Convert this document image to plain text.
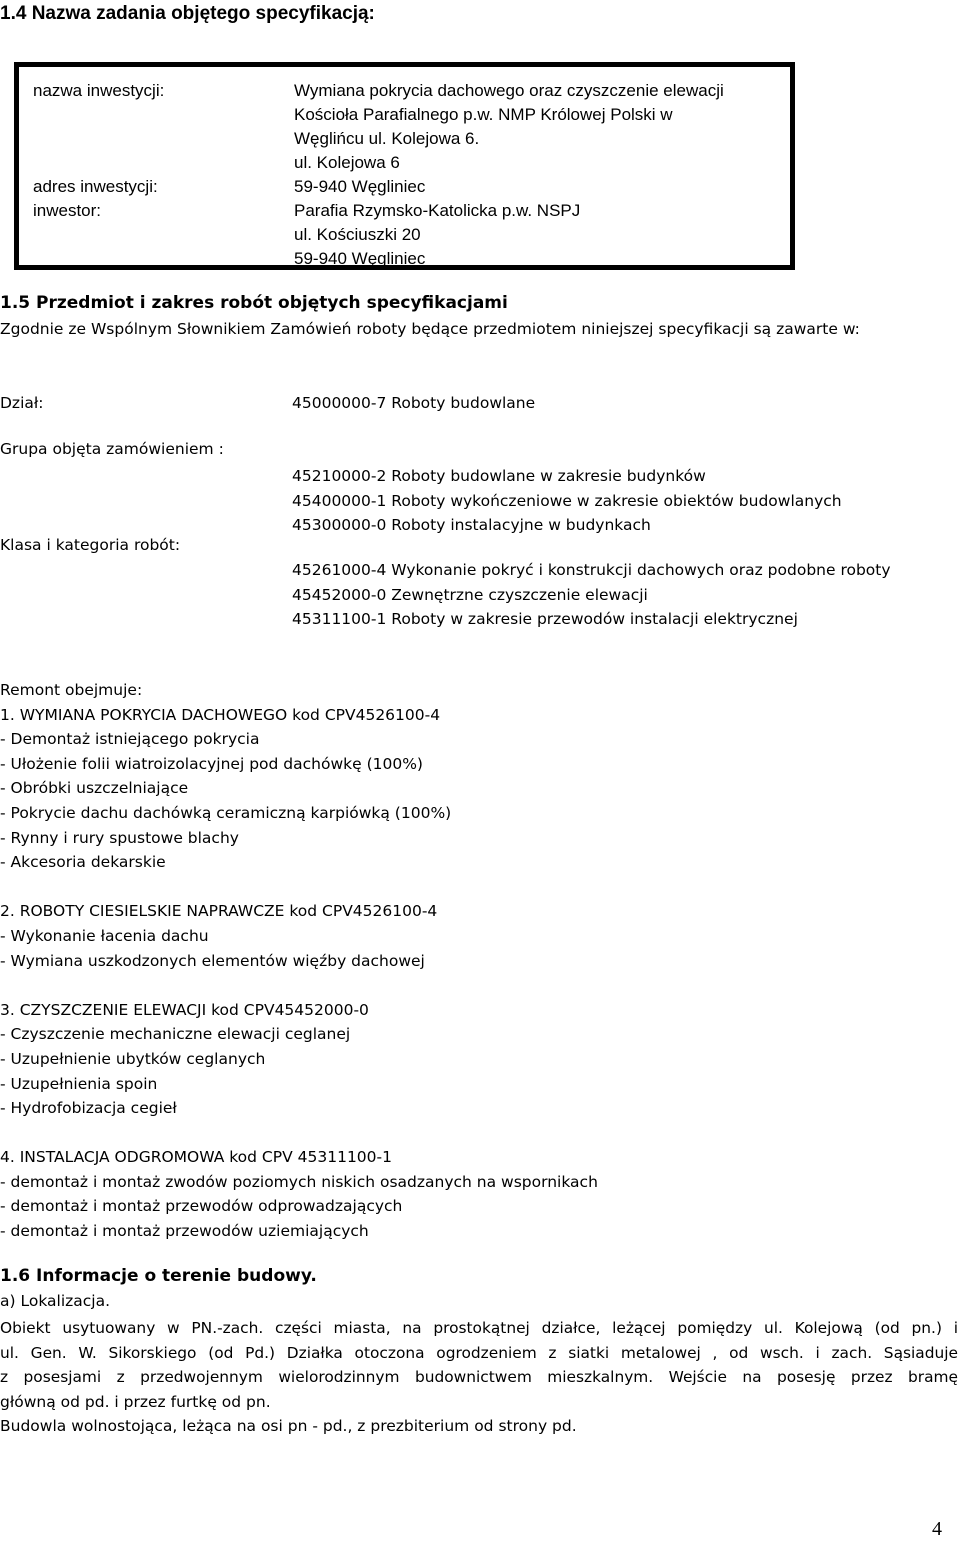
1.4 Nazwa zadania objętego specyfikacją:
nazwa inwestycji:	Wymiana pokrycia dachowego oraz czyszczenie elewacji
Kościoła Parafialnego p.w. NMP Królowej Polski w
Węglińcu ul. Kolejowa 6.
ul. Kolejowa 6
59-940 Węgliniec
Parafia Rzymsko-Katolicka p.w. NSPJ
ul. Kościuszki 20
59-940 Węgliniec
adres inwestycji:
inwestor:
1.5 Przedmiot i zakres robót objętych specyfikacjami
Zgodnie ze Wspólnym Słownikiem Zamówień roboty będące przedmiotem niniejszej specyfikacji są zawarte w:
Dział:	45000000-7 Roboty budowlane
Grupa objęta zamówieniem :
45210000-2 Roboty budowlane w zakresie budynków
45400000-1 Roboty wykończeniowe w zakresie obiektów budowlanych
45300000-0 Roboty instalacyjne w budynkach
Klasa i kategoria robót:
45261000-4 Wykonanie pokryć i konstrukcji dachowych oraz podobne roboty
45452000-0 Zewnętrzne czyszczenie elewacji
45311100-1 Roboty w zakresie przewodów instalacji elektrycznej
Remont obejmuje:
1. WYMIANA POKRYCIA DACHOWEGO kod CPV4526100-4
- Demontaż istniejącego pokrycia
- Ułożenie folii wiatroizolacyjnej pod dachówkę (100%)
- Obróbki uszczelniające
- Pokrycie dachu dachówką ceramiczną karpiówką (100%)
- Rynny i rury spustowe blachy
- Akcesoria dekarskie
2. ROBOTY CIESIELSKIE NAPRAWCZE kod CPV4526100-4
- Wykonanie łacenia dachu
- Wymiana uszkodzonych elementów więźby dachowej
3. CZYSZCZENIE ELEWACJI kod CPV45452000-0
- Czyszczenie mechaniczne elewacji ceglanej
- Uzupełnienie ubytków ceglanych
- Uzupełnienia spoin
- Hydrofobizacja cegieł
4. INSTALACJA ODGROMOWA kod CPV 45311100-1
- demontaż i montaż zwodów poziomych niskich osadzanych na wspornikach
- demontaż i montaż przewodów odprowadzających
- demontaż i montaż przewodów uziemiających
1.6 Informacje o terenie budowy.
a) Lokalizacja.
Obiekt usytuowany w PN.-zach. części miasta, na prostokątnej działce, leżącej pomiędzy ul. Kolejową (od pn.) i
ul. Gen. W. Sikorskiego (od Pd.) Działka otoczona ogrodzeniem z siatki metalowej , od wsch. i zach. Sąsiaduje
z posesjami z przedwojennym wielorodzinnym budownictwem mieszkalnym. Wejście na posesję przez bramę
główną od pd. i przez furtkę od pn.
Budowla wolnostojąca, leżąca na osi pn - pd., z prezbiterium od strony pd.
4
